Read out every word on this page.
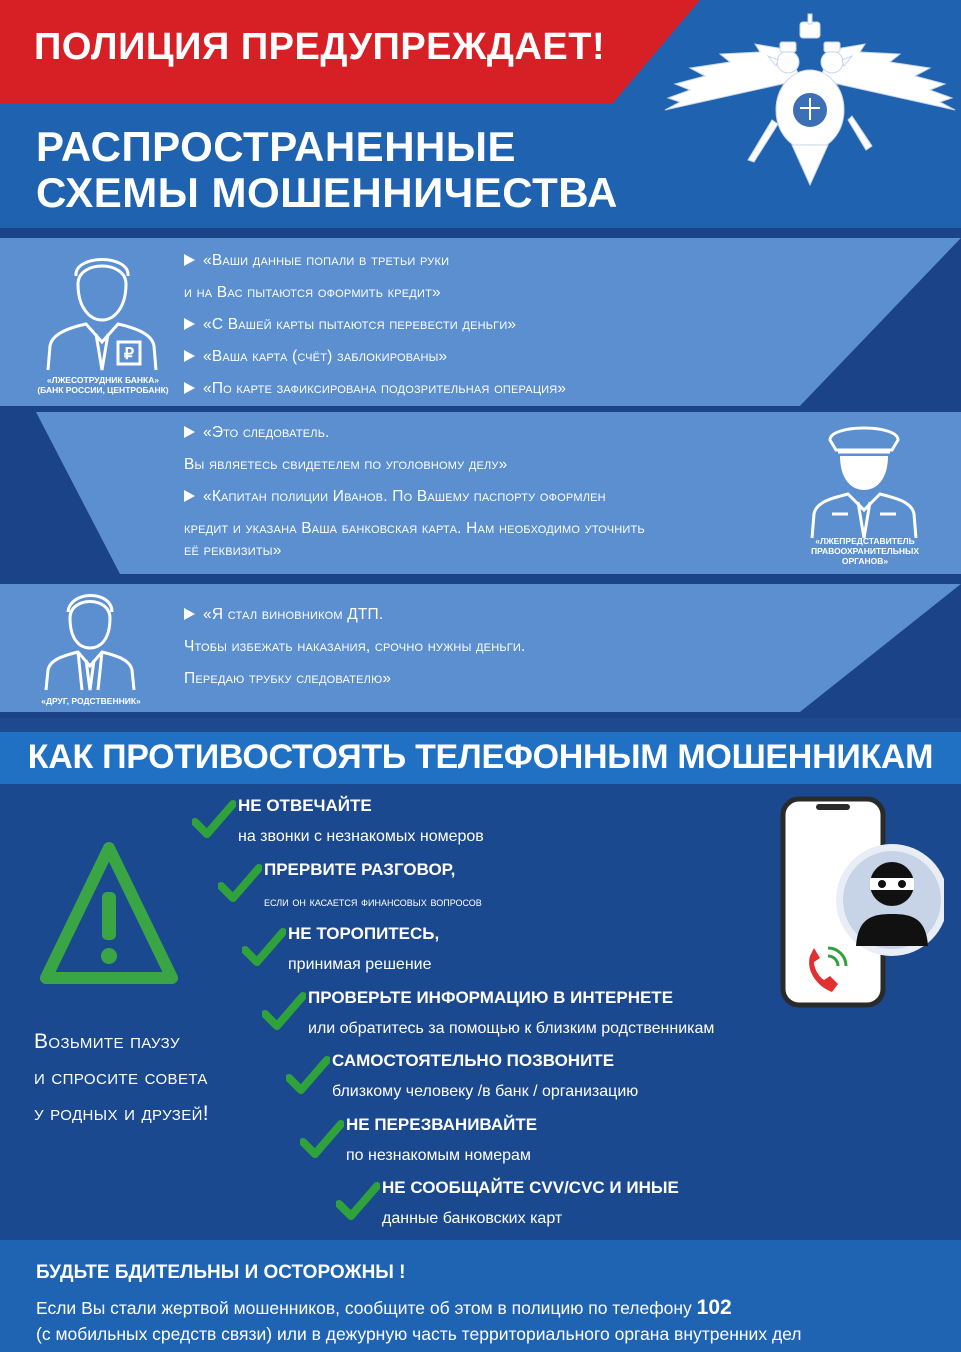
ПОЛИЦИЯ ПРЕДУПРЕЖДАЕТ!
РАСПРОСТРАНЕННЫЕ
СХЕМЫ МОШЕННИЧЕСТВА
₽
«ЛЖЕСОТРУДНИК БАНКА»
(БАНК РОССИИ, ЦЕНТРОБАНК)
«Ваши данные попали в третьи руки
и на Вас пытаются оформить кредит»
«С Вашей карты пытаются перевести деньги»
«Ваша карта (счёт) заблокированы»
«По карте зафиксирована подозрительная операция»
«ЛЖЕПРЕДСТАВИТЕЛЬ
ПРАВООХРАНИТЕЛЬНЫХ
ОРГАНОВ»
«Это следователь.
Вы являетесь свидетелем по уголовному делу»
«Капитан полиции Иванов. По Вашему паспорту оформлен
кредит и указана Ваша банковская карта. Нам необходимо уточнить
её реквизиты»
«ДРУГ, РОДСТВЕННИК»
«Я стал виновником ДТП.
Чтобы избежать наказания, срочно нужны деньги.
Передаю трубку следователю»
КАК ПРОТИВОСТОЯТЬ ТЕЛЕФОННЫМ МОШЕННИКАМ
Возьмите паузу
и спросите совета
у родных и друзей!
НЕ ОТВЕЧАЙТЕ
на звонки с незнакомых номеров
ПРЕРВИТЕ РАЗГОВОР,
если он касается финансовых вопросов
НЕ ТОРОПИТЕСЬ,
принимая решение
ПРОВЕРЬТЕ ИНФОРМАЦИЮ В ИНТЕРНЕТЕ
или обратитесь за помощью к близким родственникам
САМОСТОЯТЕЛЬНО ПОЗВОНИТЕ
близкому человеку /в банк / организацию
НЕ ПЕРЕЗВАНИВАЙТЕ
по незнакомым номерам
НЕ СООБЩАЙТЕ CVV/CVC И ИНЫЕ
данные банковских карт
БУДЬТЕ БДИТЕЛЬНЫ И ОСТОРОЖНЫ !
Если Вы стали жертвой мошенников, сообщите об этом в полицию по телефону 102
(с мобильных средств связи) или в дежурную часть территориального органа внутренних дел
